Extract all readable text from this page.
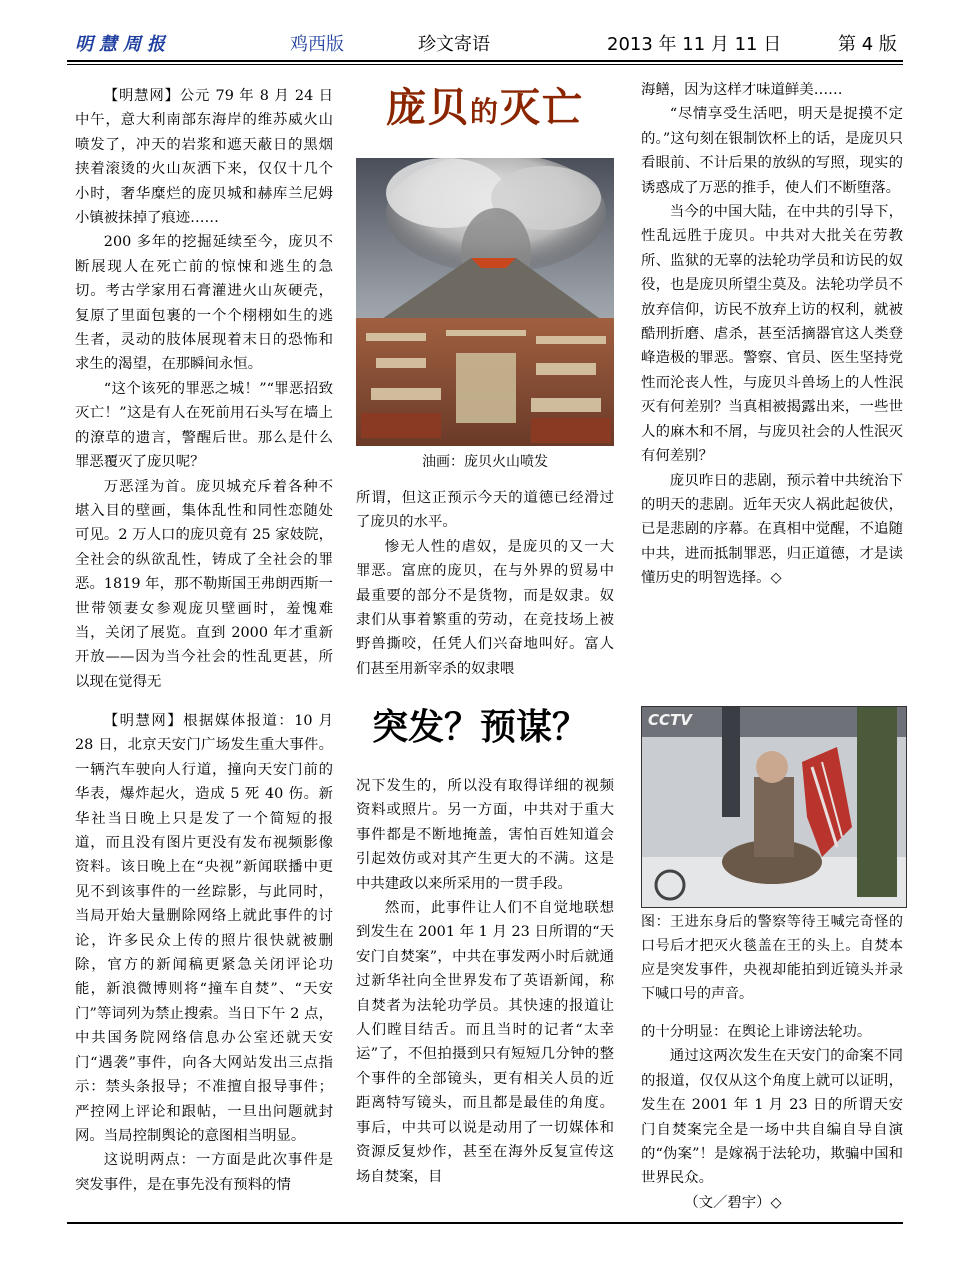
明慧周报	鸡西版	珍文寄语	2013 年 11 月 11 日	第 4 版

【明慧网】公元 79 年 8 月 24 日中午，意大利南部东海岸的维苏威火山喷发了，冲天的岩浆和遮天蔽日的黑烟挟着滚烫的火山灰洒下来，仅仅十几个小时，奢华糜烂的庞贝城和赫库兰尼姆小镇被抹掉了痕迹……

200 多年的挖掘延续至今，庞贝不断展现人在死亡前的惊悚和逃生的急切。考古学家用石膏灌进火山灰硬壳，复原了里面包裹的一个个栩栩如生的逃生者，灵动的肢体展现着末日的恐怖和求生的渴望，在那瞬间永恒。

“这个该死的罪恶之城！”“罪恶招致灭亡！”这是有人在死前用石头写在墙上的潦草的遗言，警醒后世。那么是什么罪恶覆灭了庞贝呢？

万恶淫为首。庞贝城充斥着各种不堪入目的壁画，集体乱性和同性恋随处可见。2 万人口的庞贝竟有 25 家妓院，全社会的纵欲乱性，铸成了全社会的罪恶。1819 年，那不勒斯国王弗朗西斯一世带领妻女参观庞贝壁画时，羞愧难当，关闭了展览。直到 2000 年才重新开放——因为当今社会的性乱更甚，所以现在觉得无

庞贝的灭亡
油画：庞贝火山喷发

所谓，但这正预示今天的道德已经滑过了庞贝的水平。

惨无人性的虐奴，是庞贝的又一大罪恶。富庶的庞贝，在与外界的贸易中最重要的部分不是货物，而是奴隶。奴隶们从事着繁重的劳动，在竞技场上被野兽撕咬，任凭人们兴奋地叫好。富人们甚至用新宰杀的奴隶喂

海鳝，因为这样才味道鲜美……

“尽情享受生活吧，明天是捉摸不定的。”这句刻在银制饮杯上的话，是庞贝只看眼前、不计后果的放纵的写照，现实的诱惑成了万恶的推手，使人们不断堕落。

当今的中国大陆，在中共的引导下，性乱远胜于庞贝。中共对大批关在劳教所、监狱的无辜的法轮功学员和访民的奴役，也是庞贝所望尘莫及。法轮功学员不放弃信仰，访民不放弃上访的权利，就被酷刑折磨、虐杀，甚至活摘器官这人类登峰造极的罪恶。警察、官员、医生坚持党性而沦丧人性，与庞贝斗兽场上的人性泯灭有何差别？当真相被揭露出来，一些世人的麻木和不屑，与庞贝社会的人性泯灭有何差别？

庞贝昨日的悲剧，预示着中共统治下的明天的悲剧。近年天灾人祸此起彼伏，已是悲剧的序幕。在真相中觉醒，不追随中共，进而抵制罪恶，归正道德，才是读懂历史的明智选择。◇

【明慧网】根据媒体报道：10 月 28 日，北京天安门广场发生重大事件。一辆汽车驶向人行道，撞向天安门前的华表，爆炸起火，造成 5 死 40 伤。新华社当日晚上只是发了一个简短的报道，而且没有图片更没有发布视频影像资料。该日晚上在“央视”新闻联播中更见不到该事件的一丝踪影，与此同时，当局开始大量删除网络上就此事件的讨论，许多民众上传的照片很快就被删除，官方的新闻稿更紧急关闭评论功能，新浪微博则将“撞车自焚”、“天安门”等词列为禁止搜索。当日下午 2 点，中共国务院网络信息办公室还就天安门“遇袭”事件，向各大网站发出三点指示：禁头条报导；不准擅自报导事件；严控网上评论和跟帖，一旦出问题就封网。当局控制舆论的意图相当明显。

这说明两点：一方面是此次事件是突发事件，是在事先没有预料的情

突发？预谋？

况下发生的，所以没有取得详细的视频资料或照片。另一方面，中共对于重大事件都是不断地掩盖，害怕百姓知道会引起效仿或对其产生更大的不满。这是中共建政以来所采用的一贯手段。

然而，此事件让人们不自觉地联想到发生在 2001 年 1 月 23 日所谓的“天安门自焚案”，中共在事发两小时后就通过新华社向全世界发布了英语新闻，称自焚者为法轮功学员。其快速的报道让人们瞠目结舌。而且当时的记者“太幸运”了，不但拍摄到只有短短几分钟的整个事件的全部镜头，更有相关人员的近距离特写镜头，而且都是最佳的角度。事后，中共可以说是动用了一切媒体和资源反复炒作，甚至在海外反复宣传这场自焚案，目

CCTV
图：王进东身后的警察等待王喊完奇怪的口号后才把灭火毯盖在王的头上。自焚本应是突发事件，央视却能拍到近镜头并录下喊口号的声音。

的十分明显：在舆论上诽谤法轮功。

通过这两次发生在天安门的命案不同的报道，仅仅从这个角度上就可以证明，发生在 2001 年 1 月 23 日的所谓天安门自焚案完全是一场中共自编自导自演的“伪案”！是嫁祸于法轮功，欺骗中国和世界民众。

（文／碧宇）◇
